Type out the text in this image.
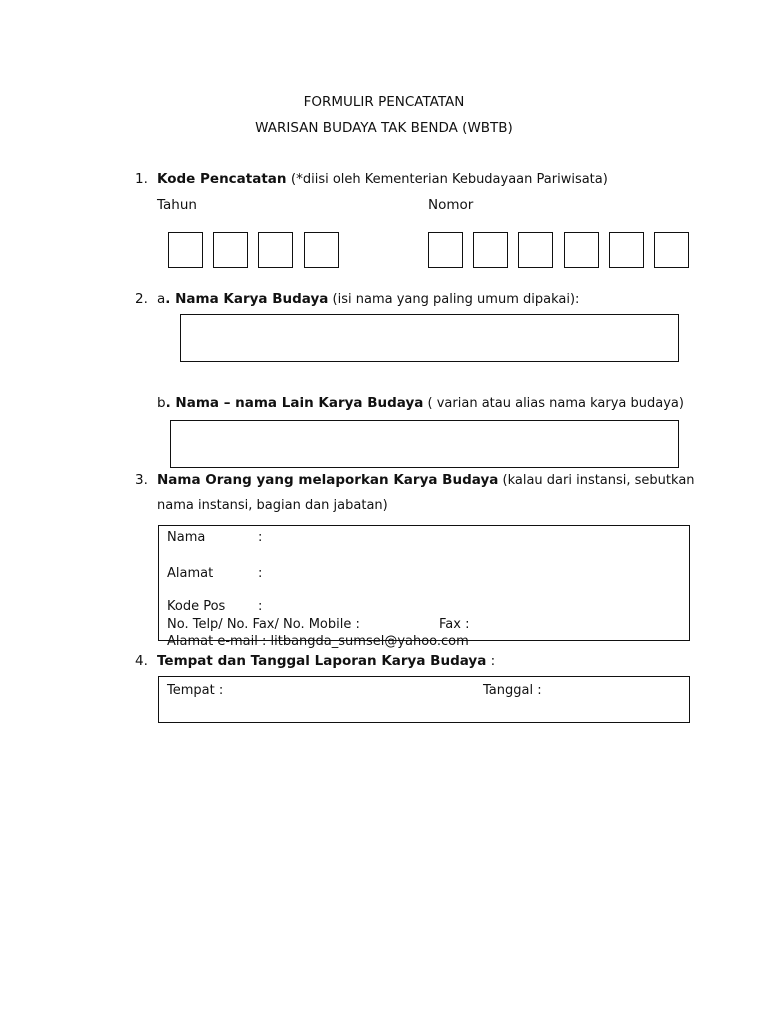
FORMULIR PENCATATAN
WARISAN BUDAYA TAK BENDA (WBTB)
1. Kode Pencatatan (*diisi oleh Kementerian Kebudayaan Pariwisata)
Tahun	Nomor
2. a. Nama Karya Budaya (isi nama yang paling umum dipakai):
b. Nama – nama Lain Karya Budaya ( varian atau alias nama karya budaya)
3. Nama Orang yang melaporkan Karya Budaya (kalau dari instansi, sebutkan
nama instansi, bagian dan jabatan)
Nama	:
Alamat	:
Kode Pos	:
No. Telp/ No. Fax/ No. Mobile :	Fax :
Alamat e-mail : litbangda_sumsel@yahoo.com
4. Tempat dan Tanggal Laporan Karya Budaya :
Tempat :	Tanggal :
